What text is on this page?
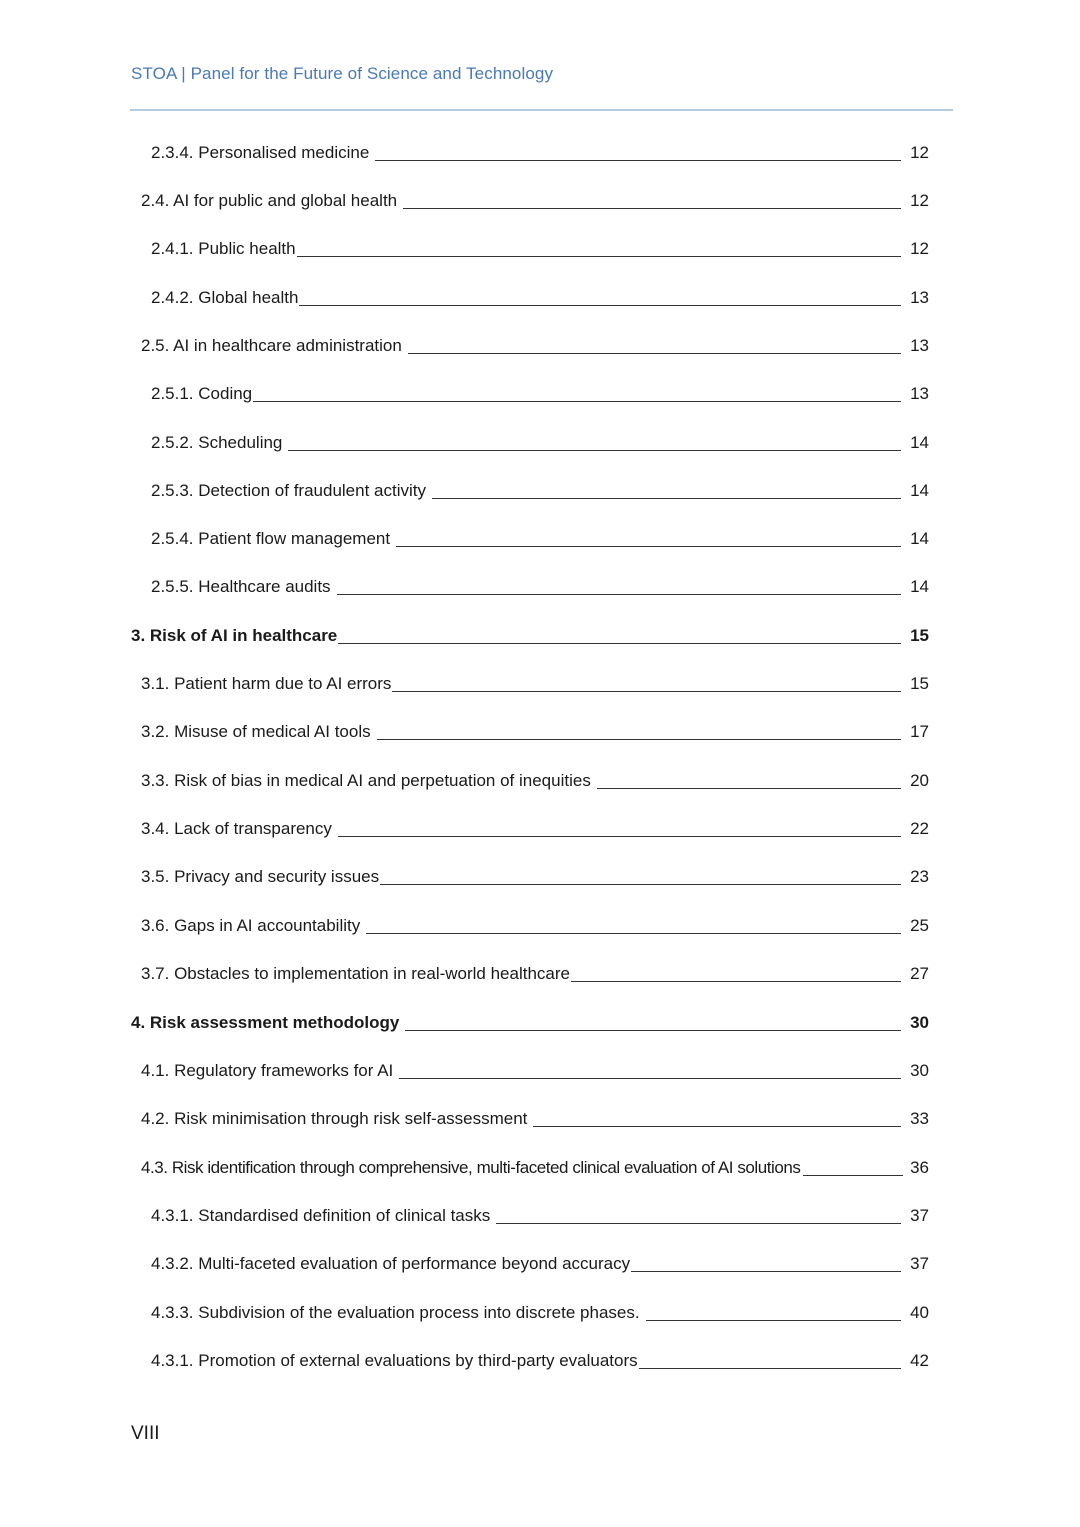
STOA | Panel for the Future of Science and Technology
2.3.4. Personalised medicine	12
2.4. AI for public and global health	12
2.4.1. Public health	12
2.4.2. Global health	13
2.5. AI in healthcare administration	13
2.5.1. Coding	13
2.5.2. Scheduling	14
2.5.3. Detection of fraudulent activity	14
2.5.4. Patient flow management	14
2.5.5. Healthcare audits	14
3. Risk of AI in healthcare	15
3.1. Patient harm due to AI errors	15
3.2. Misuse of medical AI tools	17
3.3. Risk of bias in medical AI and perpetuation of inequities	20
3.4. Lack of transparency	22
3.5. Privacy and security issues	23
3.6. Gaps in AI accountability	25
3.7. Obstacles to implementation in real-world healthcare	27
4. Risk assessment methodology	30
4.1. Regulatory frameworks for AI	30
4.2. Risk minimisation through risk self-assessment	33
4.3. Risk identification through comprehensive, multi-faceted clinical evaluation of AI solutions	36
4.3.1. Standardised definition of clinical tasks	37
4.3.2. Multi-faceted evaluation of performance beyond accuracy	37
4.3.3. Subdivision of the evaluation process into discrete phases.	40
4.3.1. Promotion of external evaluations by third-party evaluators	42
VIII
